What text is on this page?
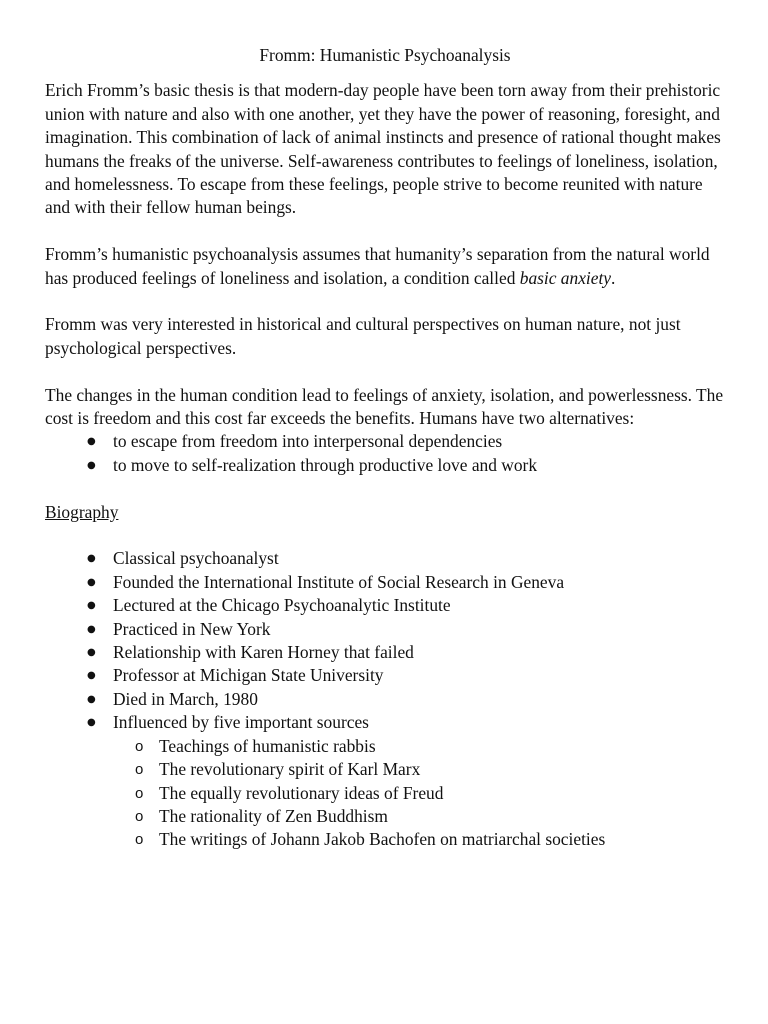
Fromm: Humanistic Psychoanalysis

Erich Fromm’s basic thesis is that modern-day people have been torn away from their prehistoric union with nature and also with one another, yet they have the power of reasoning, foresight, and imagination. This combination of lack of animal instincts and presence of rational thought makes humans the freaks of the universe. Self-awareness contributes to feelings of loneliness, isolation, and homelessness. To escape from these feelings, people strive to become reunited with nature and with their fellow human beings.

Fromm’s humanistic psychoanalysis assumes that humanity’s separation from the natural world has produced feelings of loneliness and isolation, a condition called basic anxiety.

Fromm was very interested in historical and cultural perspectives on human nature, not just psychological perspectives.

The changes in the human condition lead to feelings of anxiety, isolation, and powerlessness. The cost is freedom and this cost far exceeds the benefits. Humans have two alternatives:

● to escape from freedom into interpersonal dependencies
● to move to self-realization through productive love and work
Biography
● Classical psychoanalyst
● Founded the International Institute of Social Research in Geneva
● Lectured at the Chicago Psychoanalytic Institute
● Practiced in New York
● Relationship with Karen Horney that failed
● Professor at Michigan State University
● Died in March, 1980
● Influenced by five important sources
o Teachings of humanistic rabbis
o The revolutionary spirit of Karl Marx
o The equally revolutionary ideas of Freud
o The rationality of Zen Buddhism
o The writings of Johann Jakob Bachofen on matriarchal societies
